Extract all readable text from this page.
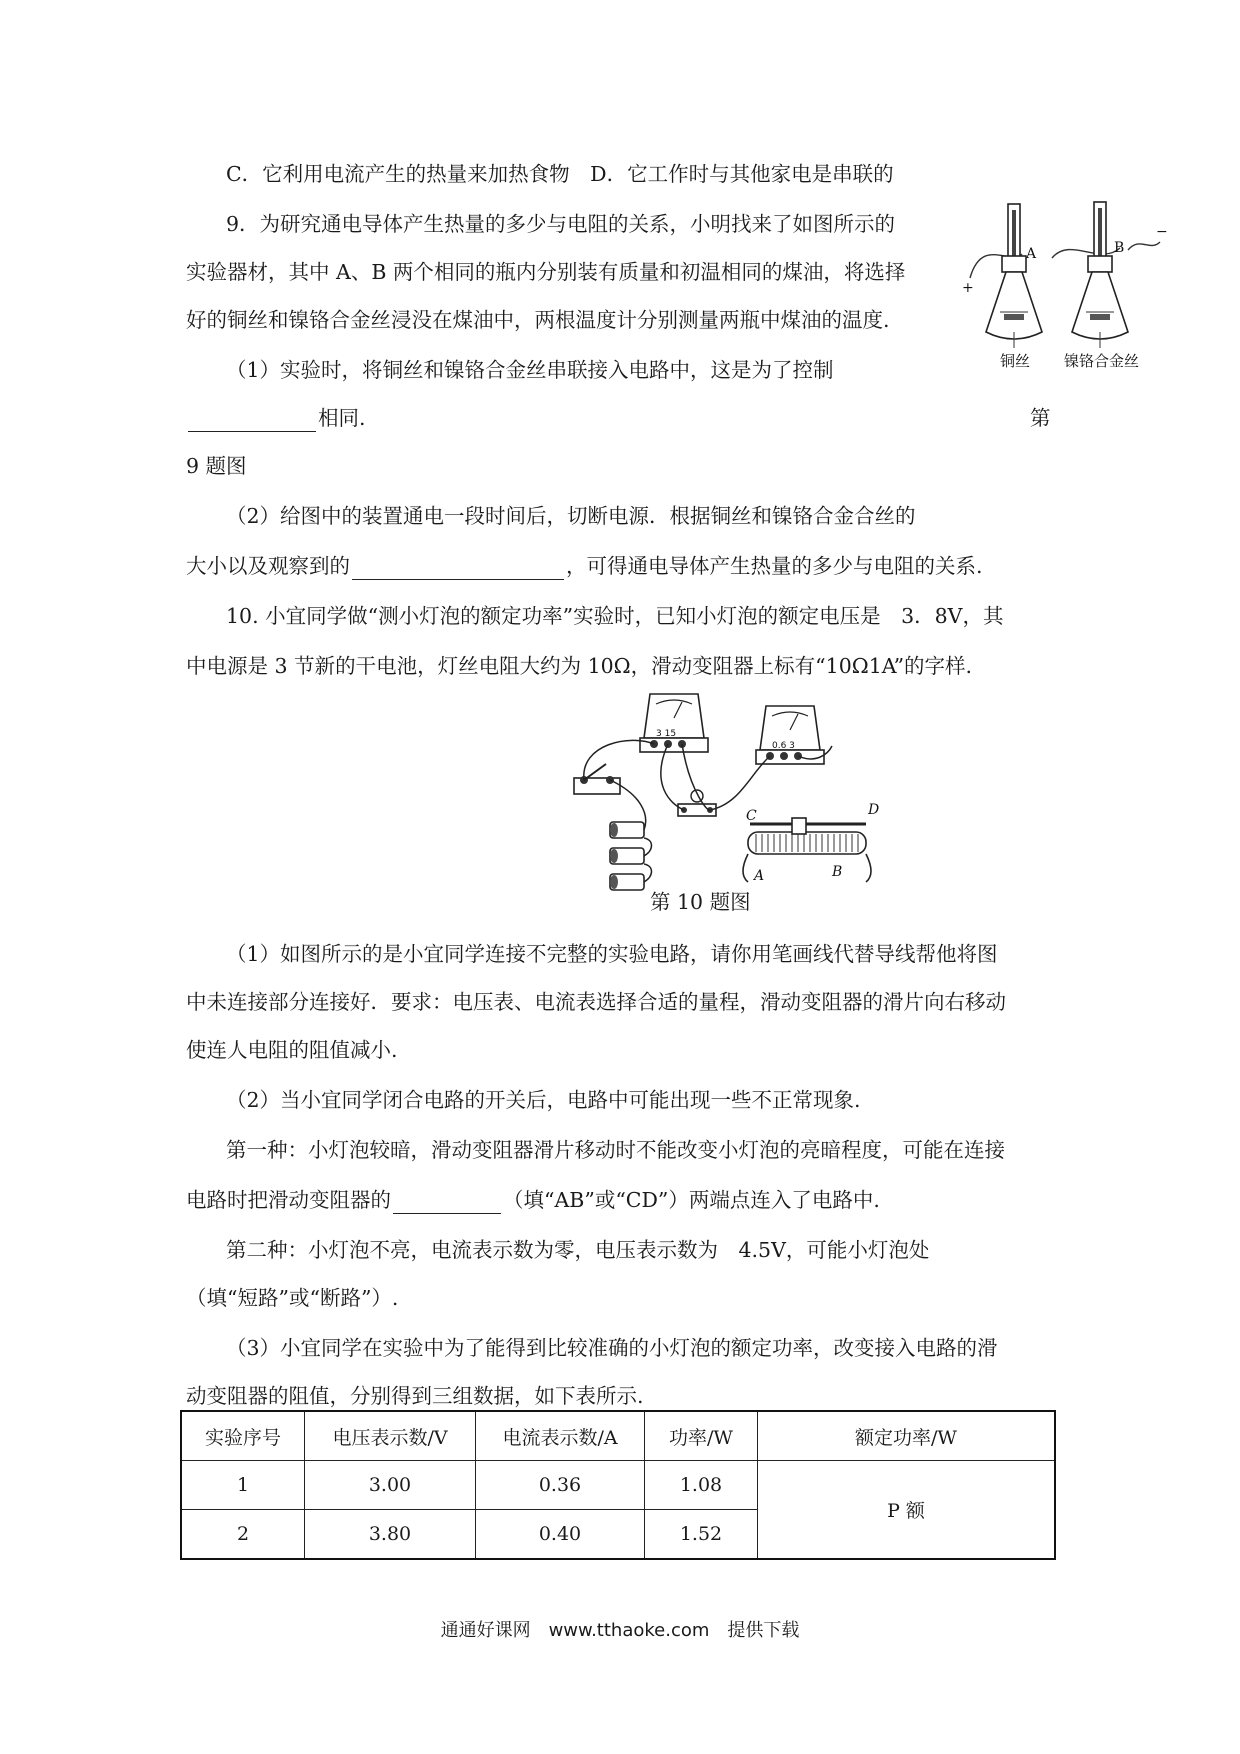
C．它利用电流产生的热量来加热食物　D．它工作时与其他家电是串联的
9．为研究通电导体产生热量的多少与电阻的关系，小明找来了如图所示的
实验器材，其中 A、B 两个相同的瓶内分别装有质量和初温相同的煤油，将选择
好的铜丝和镍铬合金丝浸没在煤油中，两根温度计分别测量两瓶中煤油的温度.
（1）实验时，将铜丝和镍铬合金丝串联接入电路中，这是为了控制
相同.	第
9 题图
（2）给图中的装置通电一段时间后，切断电源．根据铜丝和镍铬合金合丝的
大小以及观察到的	，可得通电导体产生热量的多少与电阻的关系.
10. 小宜同学做“测小灯泡的额定功率”实验时，已知小灯泡的额定电压是　3．8V，其
中电源是 3 节新的干电池，灯丝电阻大约为 10Ω，滑动变阻器上标有“10Ω1A”的字样.
（1）如图所示的是小宜同学连接不完整的实验电路，请你用笔画线代替导线帮他将图
中未连接部分连接好．要求：电压表、电流表选择合适的量程，滑动变阻器的滑片向右移动
使连人电阻的阻值减小.
（2）当小宜同学闭合电路的开关后，电路中可能出现一些不正常现象.
第一种：小灯泡较暗，滑动变阻器滑片移动时不能改变小灯泡的亮暗程度，可能在连接
电路时把滑动变阻器的	（填“AB”或“CD”）两端点连入了电路中.
第二种：小灯泡不亮，电流表示数为零，电压表示数为　4.5V，可能小灯泡处
（填“短路”或“断路”）.
（3）小宜同学在实验中为了能得到比较准确的小灯泡的额定功率，改变接入电路的滑
动变阻器的阻值，分别得到三组数据，如下表所示.
A	B
+
−
铜丝 镍铬合金丝
3 15
0.6 3
C	D
A	B
第 10 题图
实验序号	电压表示数/V	电流表示数/A	功率/W	额定功率/W
1	3.00	0.36	1.08	P 额
2	3.80	0.40	1.52	
通通好课网　www.tthaoke.com　提供下载
